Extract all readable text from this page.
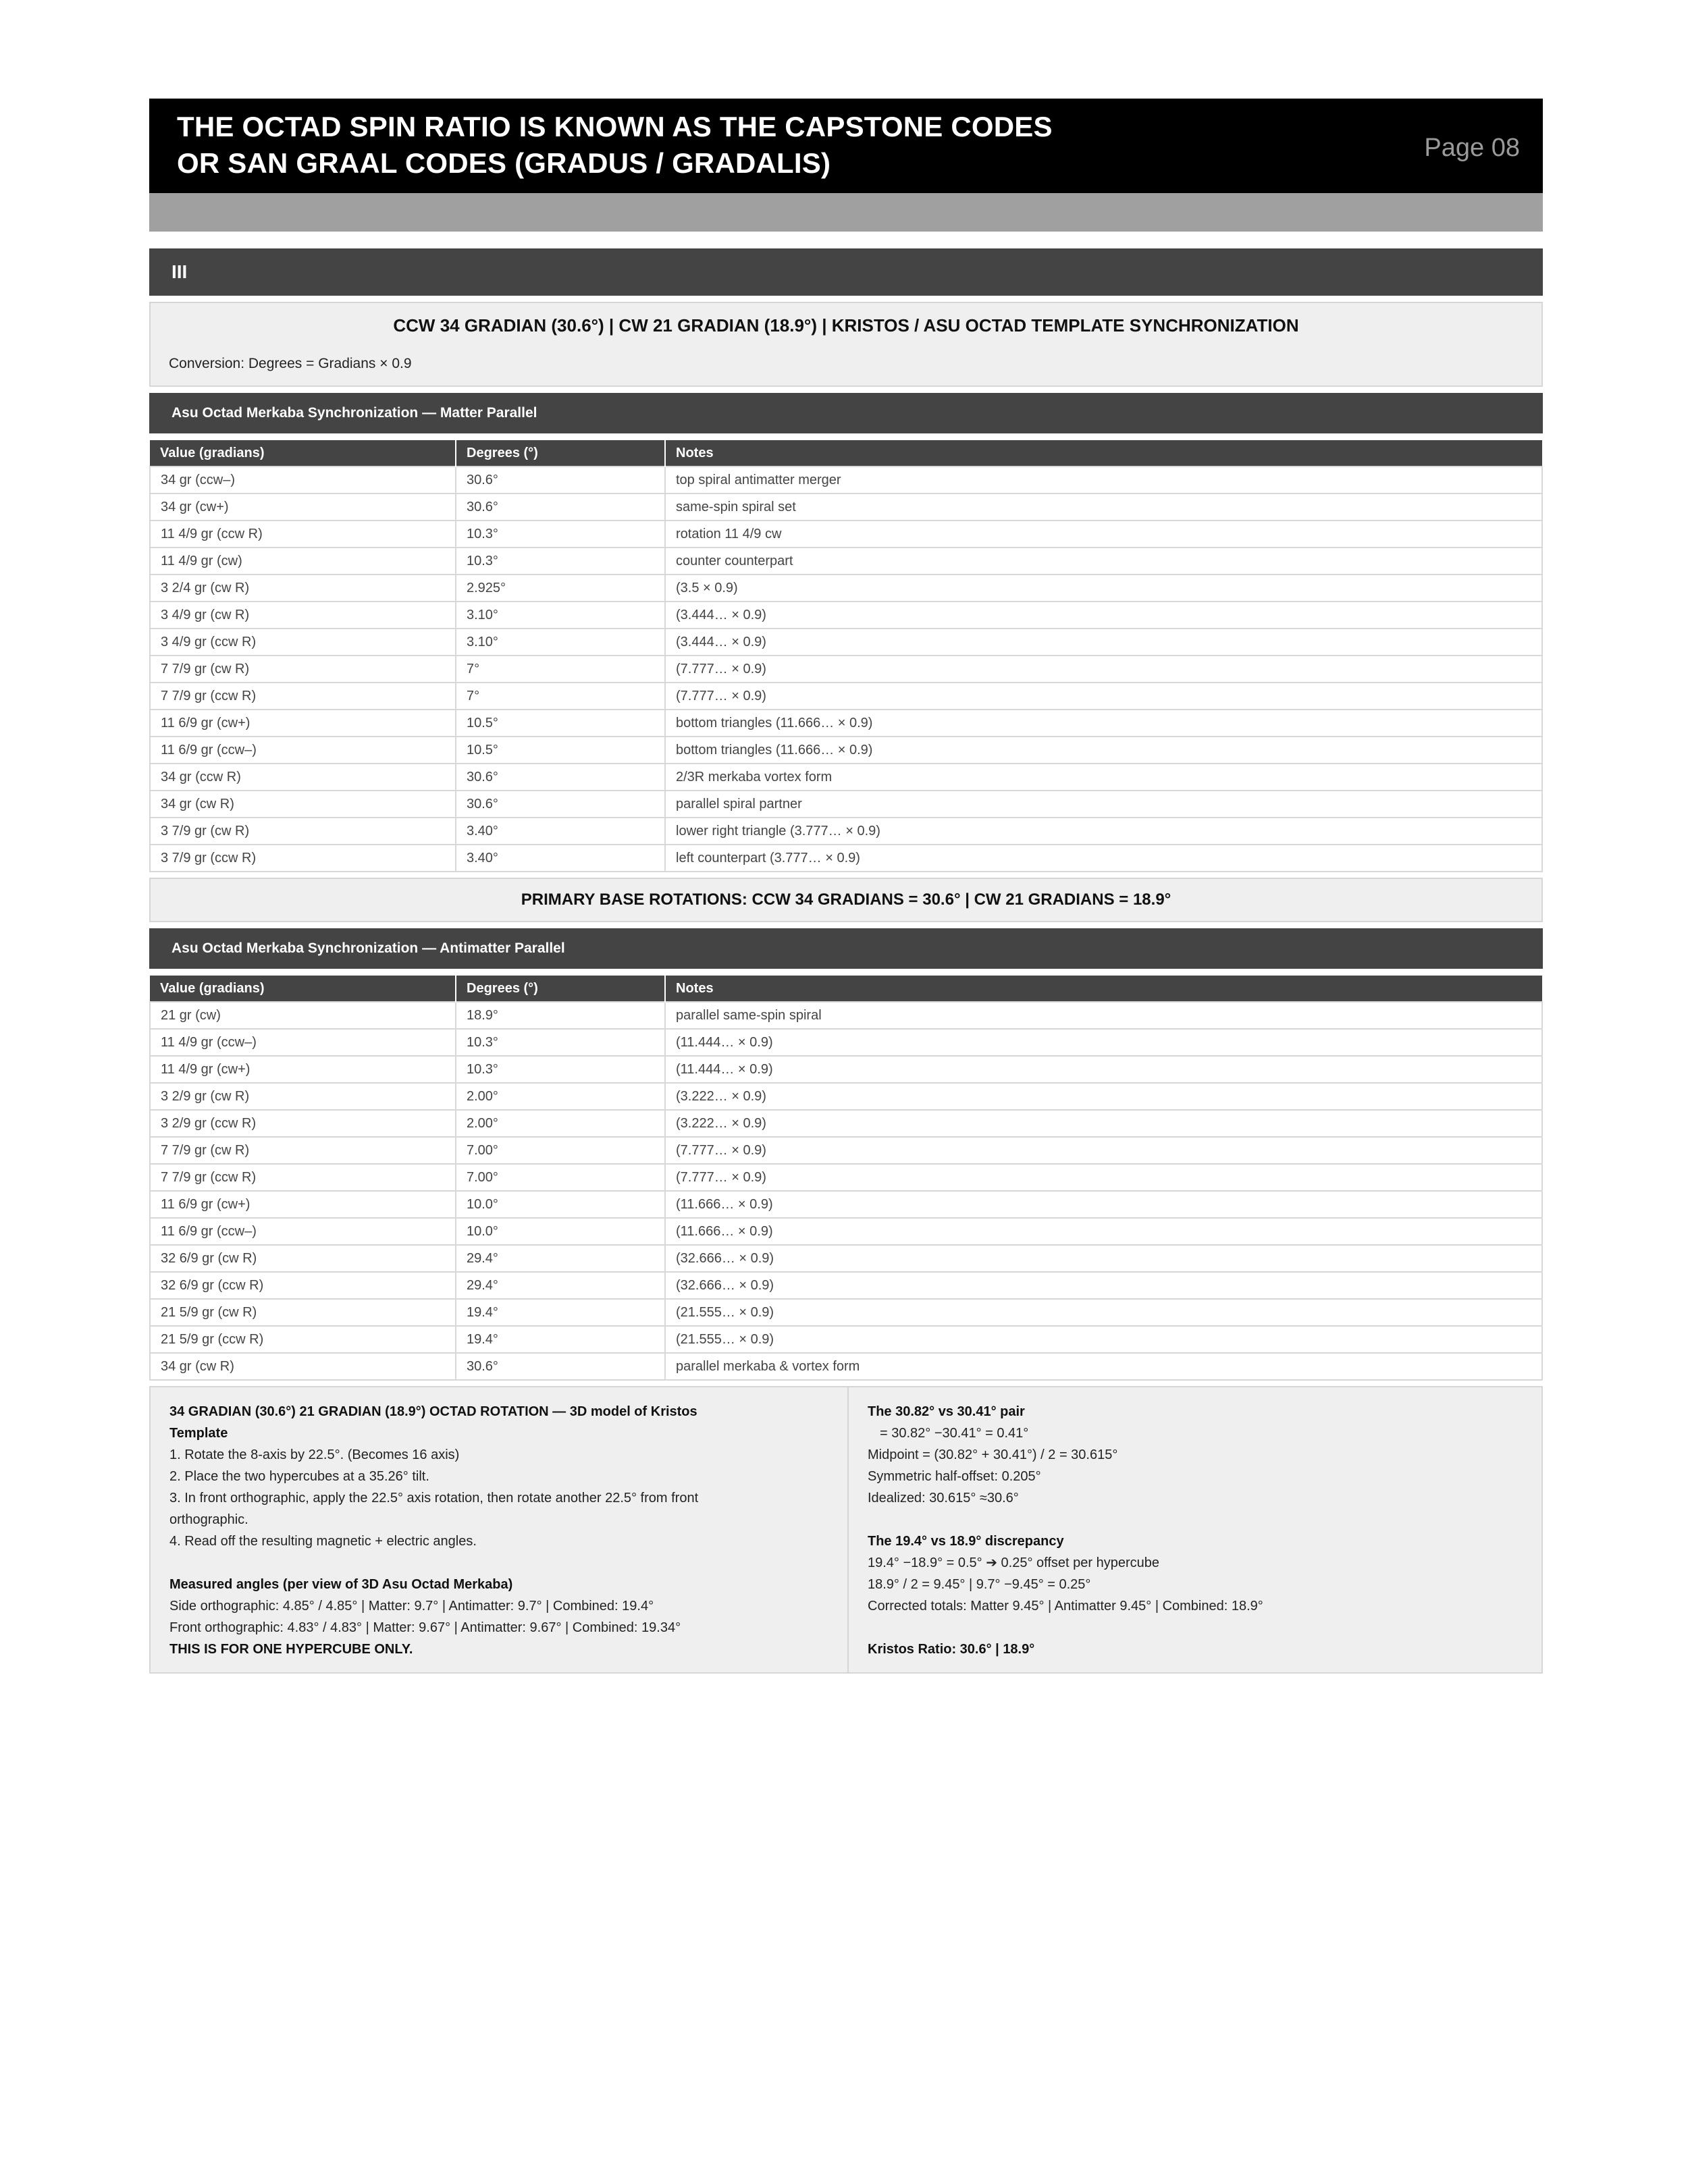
THE OCTAD SPIN RATIO IS KNOWN AS THE CAPSTONE CODES
OR SAN GRAAL CODES (GRADUS / GRADALIS)	Page 08
III
CCW 34 GRADIAN (30.6°) | CW 21 GRADIAN (18.9°) | KRISTOS / ASU OCTAD TEMPLATE SYNCHRONIZATION
Conversion: Degrees = Gradians × 0.9
Asu Octad Merkaba Synchronization — Matter Parallel
Value (gradians)	Degrees (°)	Notes
34 gr (ccw–)	30.6°	top spiral antimatter merger
34 gr (cw+)	30.6°	same-spin spiral set
11 4/9 gr (ccw R)	10.3°	rotation 11 4/9 cw
11 4/9 gr (cw)	10.3°	counter counterpart
3 2/4 gr (cw R)	2.925°	(3.5 × 0.9)
3 4/9 gr (cw R)	3.10°	(3.444… × 0.9)
3 4/9 gr (ccw R)	3.10°	(3.444… × 0.9)
7 7/9 gr (cw R)	7°	(7.777… × 0.9)
7 7/9 gr (ccw R)	7°	(7.777… × 0.9)
11 6/9 gr (cw+)	10.5°	bottom triangles (11.666… × 0.9)
11 6/9 gr (ccw–)	10.5°	bottom triangles (11.666… × 0.9)
34 gr (ccw R)	30.6°	2/3R merkaba vortex form
34 gr (cw R)	30.6°	parallel spiral partner
3 7/9 gr (cw R)	3.40°	lower right triangle (3.777… × 0.9)
3 7/9 gr (ccw R)	3.40°	left counterpart (3.777… × 0.9)
PRIMARY BASE ROTATIONS: CCW 34 GRADIANS = 30.6° | CW 21 GRADIANS = 18.9°
Asu Octad Merkaba Synchronization — Antimatter Parallel
Value (gradians)	Degrees (°)	Notes
21 gr (cw)	18.9°	parallel same-spin spiral
11 4/9 gr (ccw–)	10.3°	(11.444… × 0.9)
11 4/9 gr (cw+)	10.3°	(11.444… × 0.9)
3 2/9 gr (cw R)	2.00°	(3.222… × 0.9)
3 2/9 gr (ccw R)	2.00°	(3.222… × 0.9)
7 7/9 gr (cw R)	7.00°	(7.777… × 0.9)
7 7/9 gr (ccw R)	7.00°	(7.777… × 0.9)
11 6/9 gr (cw+)	10.0°	(11.666… × 0.9)
11 6/9 gr (ccw–)	10.0°	(11.666… × 0.9)
32 6/9 gr (cw R)	29.4°	(32.666… × 0.9)
32 6/9 gr (ccw R)	29.4°	(32.666… × 0.9)
21 5/9 gr (cw R)	19.4°	(21.555… × 0.9)
21 5/9 gr (ccw R)	19.4°	(21.555… × 0.9)
34 gr (cw R)	30.6°	parallel merkaba & vortex form
34 GRADIAN (30.6°) 21 GRADIAN (18.9°) OCTAD ROTATION — 3D model of Kristos
Template
1. Rotate the 8-axis by 22.5°. (Becomes 16 axis)
2. Place the two hypercubes at a 35.26° tilt.
3. In front orthographic, apply the 22.5° axis rotation, then rotate another 22.5° from front
orthographic.
4. Read off the resulting magnetic + electric angles.
Measured angles (per view of 3D Asu Octad Merkaba)
Side orthographic: 4.85° / 4.85° | Matter: 9.7° | Antimatter: 9.7° | Combined: 19.4°
Front orthographic: 4.83° / 4.83° | Matter: 9.67° | Antimatter: 9.67° | Combined: 19.34°
THIS IS FOR ONE HYPERCUBE ONLY.
The 30.82° vs 30.41° pair
= 30.82° −30.41° = 0.41°
Midpoint = (30.82° + 30.41°) / 2 = 30.615°
Symmetric half-offset: 0.205°
Idealized: 30.615° ≈30.6°
The 19.4° vs 18.9° discrepancy
19.4° −18.9° = 0.5° ➔ 0.25° offset per hypercube
18.9° / 2 = 9.45° | 9.7° −9.45° = 0.25°
Corrected totals: Matter 9.45° | Antimatter 9.45° | Combined: 18.9°
Kristos Ratio: 30.6° | 18.9°
